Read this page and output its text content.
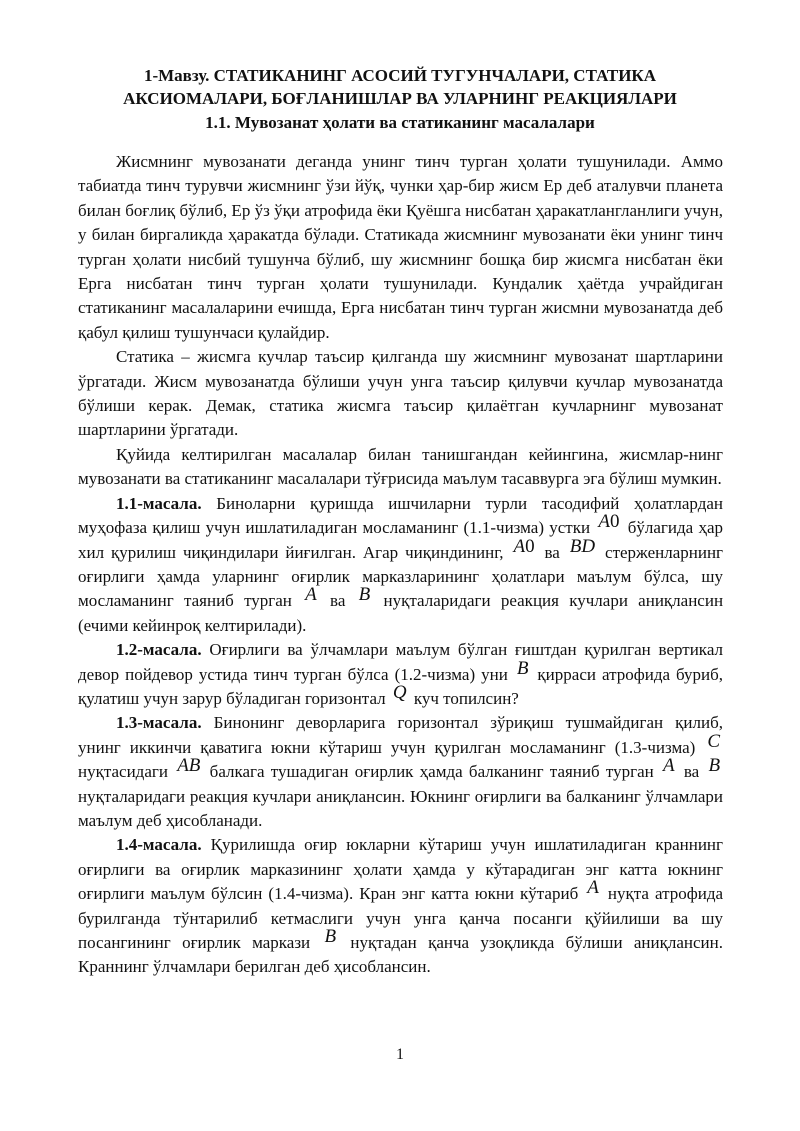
1-Мавзу. СТАТИКАНИНГ АСОСИЙ ТУГУНЧАЛАРИ, СТАТИКА
АКСИОМАЛАРИ, БОҒЛАНИШЛАР ВА УЛАРНИНГ РЕАКЦИЯЛАРИ
1.1. Мувозанат ҳолати ва статиканинг масалалари

Жисмнинг мувозанати деганда унинг тинч турган ҳолати тушунилади. Аммо табиатда тинч турувчи жисмнинг ўзи йўқ, чунки ҳар-бир жисм Ер деб аталувчи планета билан боғлиқ бўлиб, Ер ўз ўқи атрофида ёки Қуёшга нисбатан ҳаракатлангланлиги учун, у билан биргаликда ҳаракатда бўлади. Статикада жисмнинг мувозанати ёки унинг тинч турган ҳолати нисбий тушунча бўлиб, шу жисмнинг бошқа бир жисмга нисбатан ёки Ерга нисбатан тинч турган ҳолати тушунилади. Кундалик ҳаётда учрайдиган статиканинг масалаларини ечишда, Ерга нисбатан тинч турган жисмни мувозанатда деб қабул қилиш тушунчаси қулайдир.

Статика – жисмга кучлар таъсир қилганда шу жисмнинг мувозанат шартларини ўргатади. Жисм мувозанатда бўлиши учун унга таъсир қилувчи кучлар мувозанатда бўлиши керак. Демак, статика жисмга таъсир қилаётган кучларнинг мувозанат шартларини ўргатади.

Қуйида келтирилган масалалар билан танишгандан кейингина, жисмлар-нинг мувозанати ва статиканинг масалалари тўғрисида маълум тасаввурга эга бўлиш мумкин.

1.1-масала. Бинoларни қуришда ишчиларни турли тасодифий ҳолатлардан муҳофаза қилиш учун ишлатиладиган мосламанинг (1.1-чизма) устки A0 бўлагида ҳар хил қурилиш чиқиндилари йиғилган. Агар чиқиндининг, A0 ва BD стерженларнинг оғирлиги ҳамда уларнинг оғирлик марказларининг ҳолатлари маълум бўлса, шу мосламанинг таяниб турган A ва B нуқталаридаги реакция кучлари аниқлансин (ечими кейинроқ келтирилади).

1.2-масала. Оғирлиги ва ўлчамлари маълум бўлган ғиштдан қурилган вертикал девор пойдевор устида тинч турган бўлса (1.2-чизма) уни B қирраси атрофида буриб, қулатиш учун зарур бўладиган горизонтал Q куч топилсин?

1.3-масала. Бинонинг деворларига горизонтал зўриқиш тушмайдиган қилиб, унинг иккинчи қаватига юкни кўтариш учун қурилган мосламанинг (1.3-чизма) C нуқтасидаги AB балкага тушадиган оғирлик ҳамда балканинг таяниб турган A ва B нуқталаридаги реакция кучлари аниқлансин. Юкнинг оғирлиги ва балканинг ўлчамлари маълум деб ҳисобланади.

1.4-масала. Қурилишда оғир юкларни кўтариш учун ишлатиладиган краннинг оғирлиги ва оғирлик марказининг ҳолати ҳамда у кўтарадиган энг катта юкнинг оғирлиги маълум бўлсин (1.4-чизма). Кран энг катта юкни кўтариб A нуқта атрофида бурилганда тўнтарилиб кетмаслиги учун унга қанча посанги қўйилиши ва шу посангининг оғирлик маркази B нуқтадан қанча узоқликда бўлиши аниқлансин. Краннинг ўлчамлари берилган деб ҳисоблансин.

1
